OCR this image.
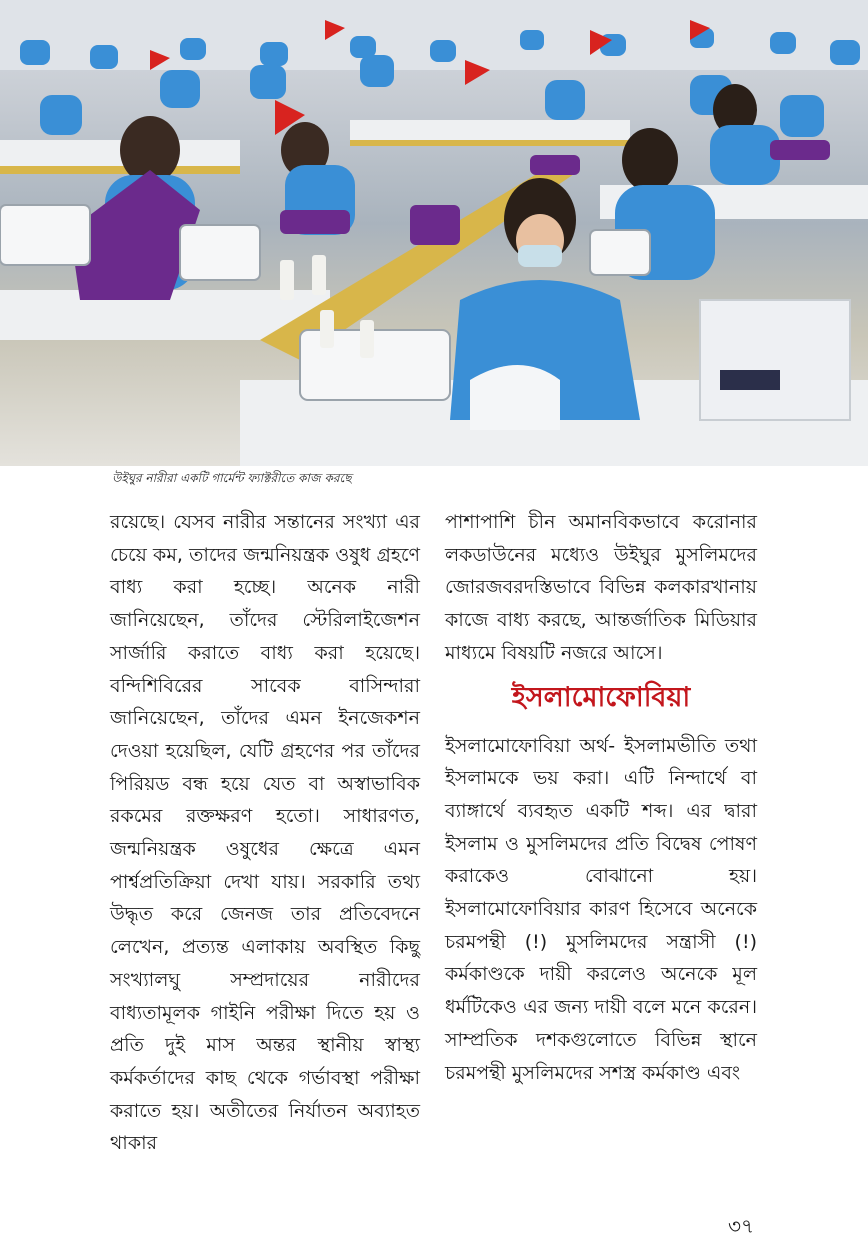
উইঘুর নারীরা একটি গার্মেন্ট ফ্যাক্টরীতে কাজ করছে

রয়েছে। যেসব নারীর সন্তানের সংখ্যা এর চেয়ে কম, তাদের জন্মনিয়ন্ত্রক ওষুধ গ্রহণে বাধ্য করা হচ্ছে। অনেক নারী জানিয়েছেন, তাঁদের স্টেরিলাইজেশন সার্জারি করাতে বাধ্য করা হয়েছে। বন্দিশিবিরের সাবেক বাসিন্দারা জানিয়েছেন, তাঁদের এমন ইনজেকশন দেওয়া হয়েছিল, যেটি গ্রহণের পর তাঁদের পিরিয়ড বন্ধ হয়ে যেত বা অস্বাভাবিক রকমের রক্তক্ষরণ হতো। সাধারণত, জন্মনিয়ন্ত্রক ওষুধের ক্ষেত্রে এমন পার্শ্বপ্রতিক্রিয়া দেখা যায়। সরকারি তথ্য উদ্ধৃত করে জেনজ তার প্রতিবেদনে লেখেন, প্রত্যন্ত এলাকায় অবস্থিত কিছু সংখ্যালঘু সম্প্রদায়ের নারীদের বাধ্যতামূলক গাইনি পরীক্ষা দিতে হয় ও প্রতি দুই মাস অন্তর স্থানীয় স্বাস্থ্য কর্মকর্তাদের কাছ থেকে গর্ভাবস্থা পরীক্ষা করাতে হয়। অতীতের নির্যাতন অব্যাহত থাকার

পাশাপাশি চীন অমানবিকভাবে করোনার লকডাউনের মধ্যেও উইঘুর মুসলিমদের জোরজবরদস্তিভাবে বিভিন্ন কলকারখানায় কাজে বাধ্য করছে, আন্তর্জাতিক মিডিয়ার মাধ্যমে বিষয়টি নজরে আসে।

ইসলামোফোবিয়া

ইসলামোফোবিয়া অর্থ- ইসলামভীতি তথা ইসলামকে ভয় করা। এটি নিন্দার্থে বা ব্যাঙ্গার্থে ব্যবহৃত একটি শব্দ। এর দ্বারা ইসলাম ও মুসলিমদের প্রতি বিদ্বেষ পোষণ করাকেও বোঝানো হয়। ইসলামোফোবিয়ার কারণ হিসেবে অনেকে চরমপন্থী (!) মুসলিমদের সন্ত্রাসী (!) কর্মকাণ্ডকে দায়ী করলেও অনেকে মূল ধর্মটিকেও এর জন্য দায়ী বলে মনে করেন। সাম্প্রতিক দশকগুলোতে বিভিন্ন স্থানে চরমপন্থী মুসলিমদের সশস্ত্র কর্মকাণ্ড এবং

৩৭
